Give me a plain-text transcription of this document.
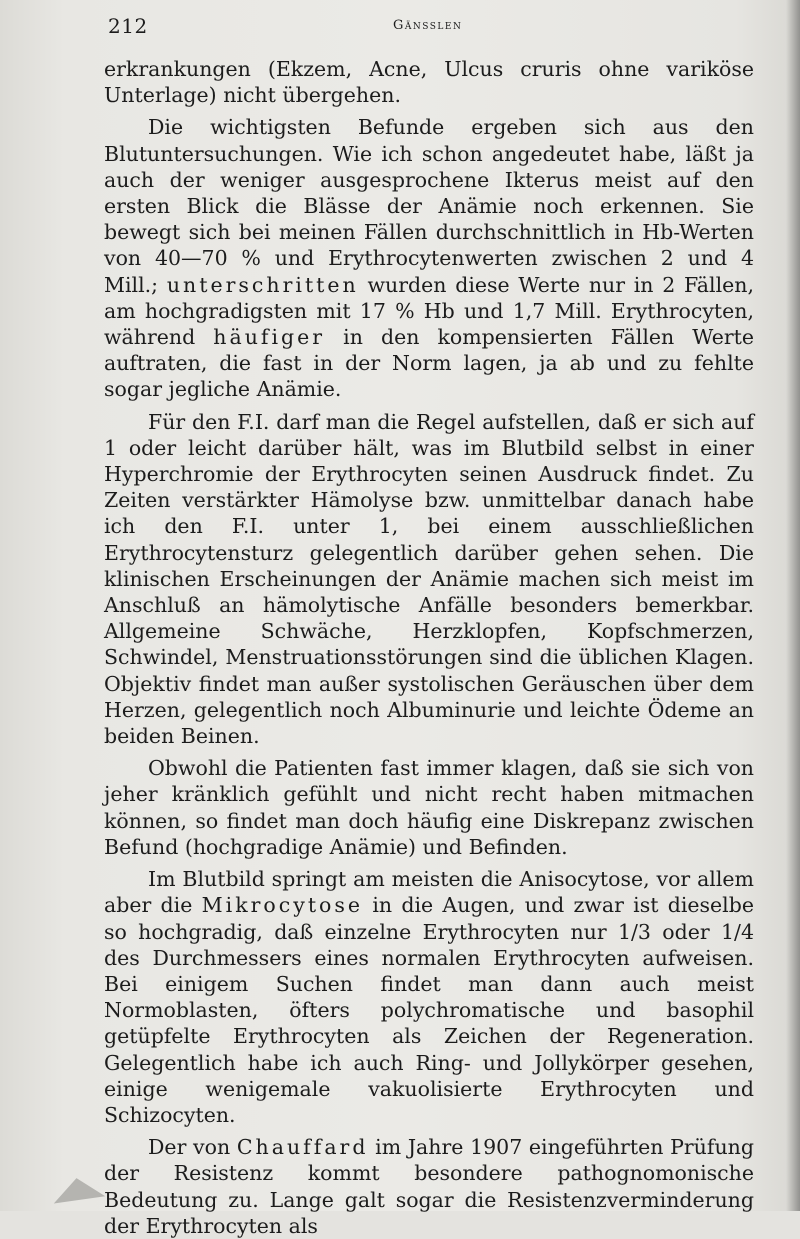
212	Gänsslen

erkrankungen (Ekzem, Acne, Ulcus cruris ohne variköse Unterlage) nicht übergehen.

Die wichtigsten Befunde ergeben sich aus den Blutuntersuchungen. Wie ich schon angedeutet habe, läßt ja auch der weniger ausgesprochene Ikterus meist auf den ersten Blick die Blässe der Anämie noch erkennen. Sie bewegt sich bei meinen Fällen durchschnittlich in Hb-Werten von 40—70 % und Erythrocytenwerten zwischen 2 und 4 Mill.; unterschritten wurden diese Werte nur in 2 Fällen, am hochgradigsten mit 17 % Hb und 1,7 Mill. Erythrocyten, während häufiger in den kompensierten Fällen Werte auftraten, die fast in der Norm lagen, ja ab und zu fehlte sogar jegliche Anämie.

Für den F.I. darf man die Regel aufstellen, daß er sich auf 1 oder leicht darüber hält, was im Blutbild selbst in einer Hyperchromie der Erythrocyten seinen Ausdruck findet. Zu Zeiten verstärkter Hämolyse bzw. unmittelbar danach habe ich den F.I. unter 1, bei einem ausschließlichen Erythrocytensturz gelegentlich darüber gehen sehen. Die klinischen Erscheinungen der Anämie machen sich meist im Anschluß an hämolytische Anfälle besonders bemerkbar. Allgemeine Schwäche, Herzklopfen, Kopfschmerzen, Schwindel, Menstruationsstörungen sind die üblichen Klagen. Objektiv findet man außer systolischen Geräuschen über dem Herzen, gelegentlich noch Albuminurie und leichte Ödeme an beiden Beinen.

Obwohl die Patienten fast immer klagen, daß sie sich von jeher kränklich gefühlt und nicht recht haben mitmachen können, so findet man doch häufig eine Diskrepanz zwischen Befund (hochgradige Anämie) und Befinden.

Im Blutbild springt am meisten die Anisocytose, vor allem aber die Mikrocytose in die Augen, und zwar ist dieselbe so hochgradig, daß einzelne Erythrocyten nur 1/3 oder 1/4 des Durchmessers eines normalen Erythrocyten aufweisen. Bei einigem Suchen findet man dann auch meist Normoblasten, öfters polychromatische und basophil getüpfelte Erythrocyten als Zeichen der Regeneration. Gelegentlich habe ich auch Ring- und Jollykörper gesehen, einige wenigemale vakuolisierte Erythrocyten und Schizocyten.

Der von Chauffard im Jahre 1907 eingeführten Prüfung der Resistenz kommt besondere pathognomonische Bedeutung zu. Lange galt sogar die Resistenzverminderung der Erythrocyten als
